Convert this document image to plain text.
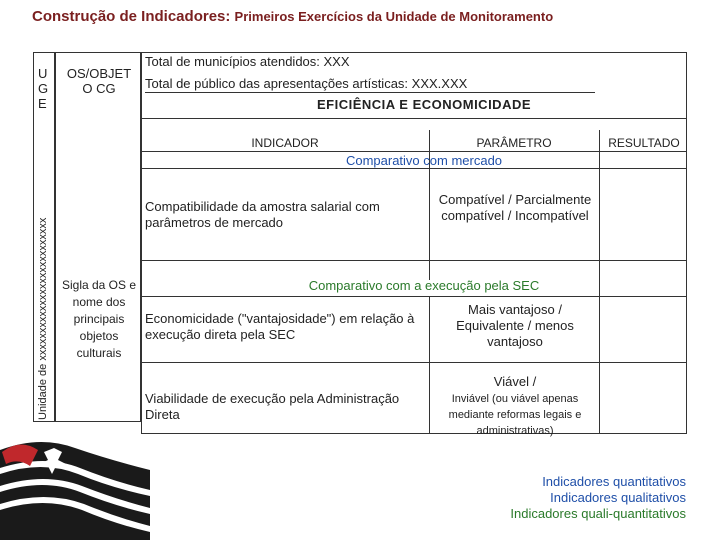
Construção de Indicadores: Primeiros Exercícios da Unidade de Monitoramento
U
G
E
OS/OBJET
O CG
Unidade de xxxxxxxxxxxxxxxxxxxxxxxxxx Sigla da OS e nome dos principais objetos culturais
Total de municípios atendidos: XXX
Total de público das apresentações artísticas: XXX.XXX
EFICIÊNCIA E ECONOMICIDADE
INDICADOR	PARÂMETRO	RESULTADO
Comparativo com mercado
Compatibilidade da amostra salarial com parâmetros de mercado
Compatível / Parcialmente compatível / Incompatível
Comparativo com a execução pela SEC
Economicidade ("vantajosidade") em relação à execução direta pela SEC
Mais vantajoso / Equivalente / menos vantajoso
Viabilidade de execução pela Administração Direta
Viável /
Inviável (ou viável apenas mediante reformas legais e administrativas)
Indicadores quantitativos
Indicadores qualitativos
Indicadores quali-quantitativos
